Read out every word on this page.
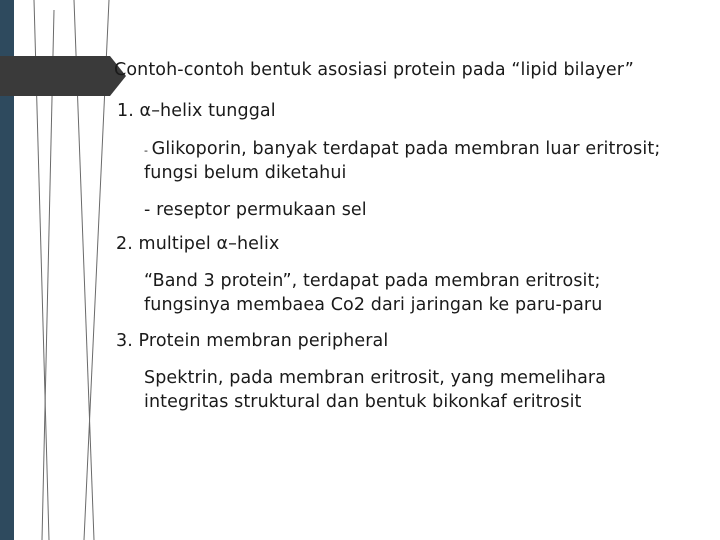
Contoh-contoh bentuk asosiasi protein pada “lipid bilayer”
1. α–helix tunggal
- Glikoporin, banyak terdapat pada membran luar eritrosit;
fungsi belum diketahui
- reseptor permukaan sel
2. multipel α–helix
“Band 3 protein”, terdapat pada membran eritrosit;
fungsinya membaea Co2 dari jaringan ke paru-paru
3. Protein membran peripheral
Spektrin, pada membran eritrosit, yang memelihara
integritas struktural dan bentuk bikonkaf eritrosit
